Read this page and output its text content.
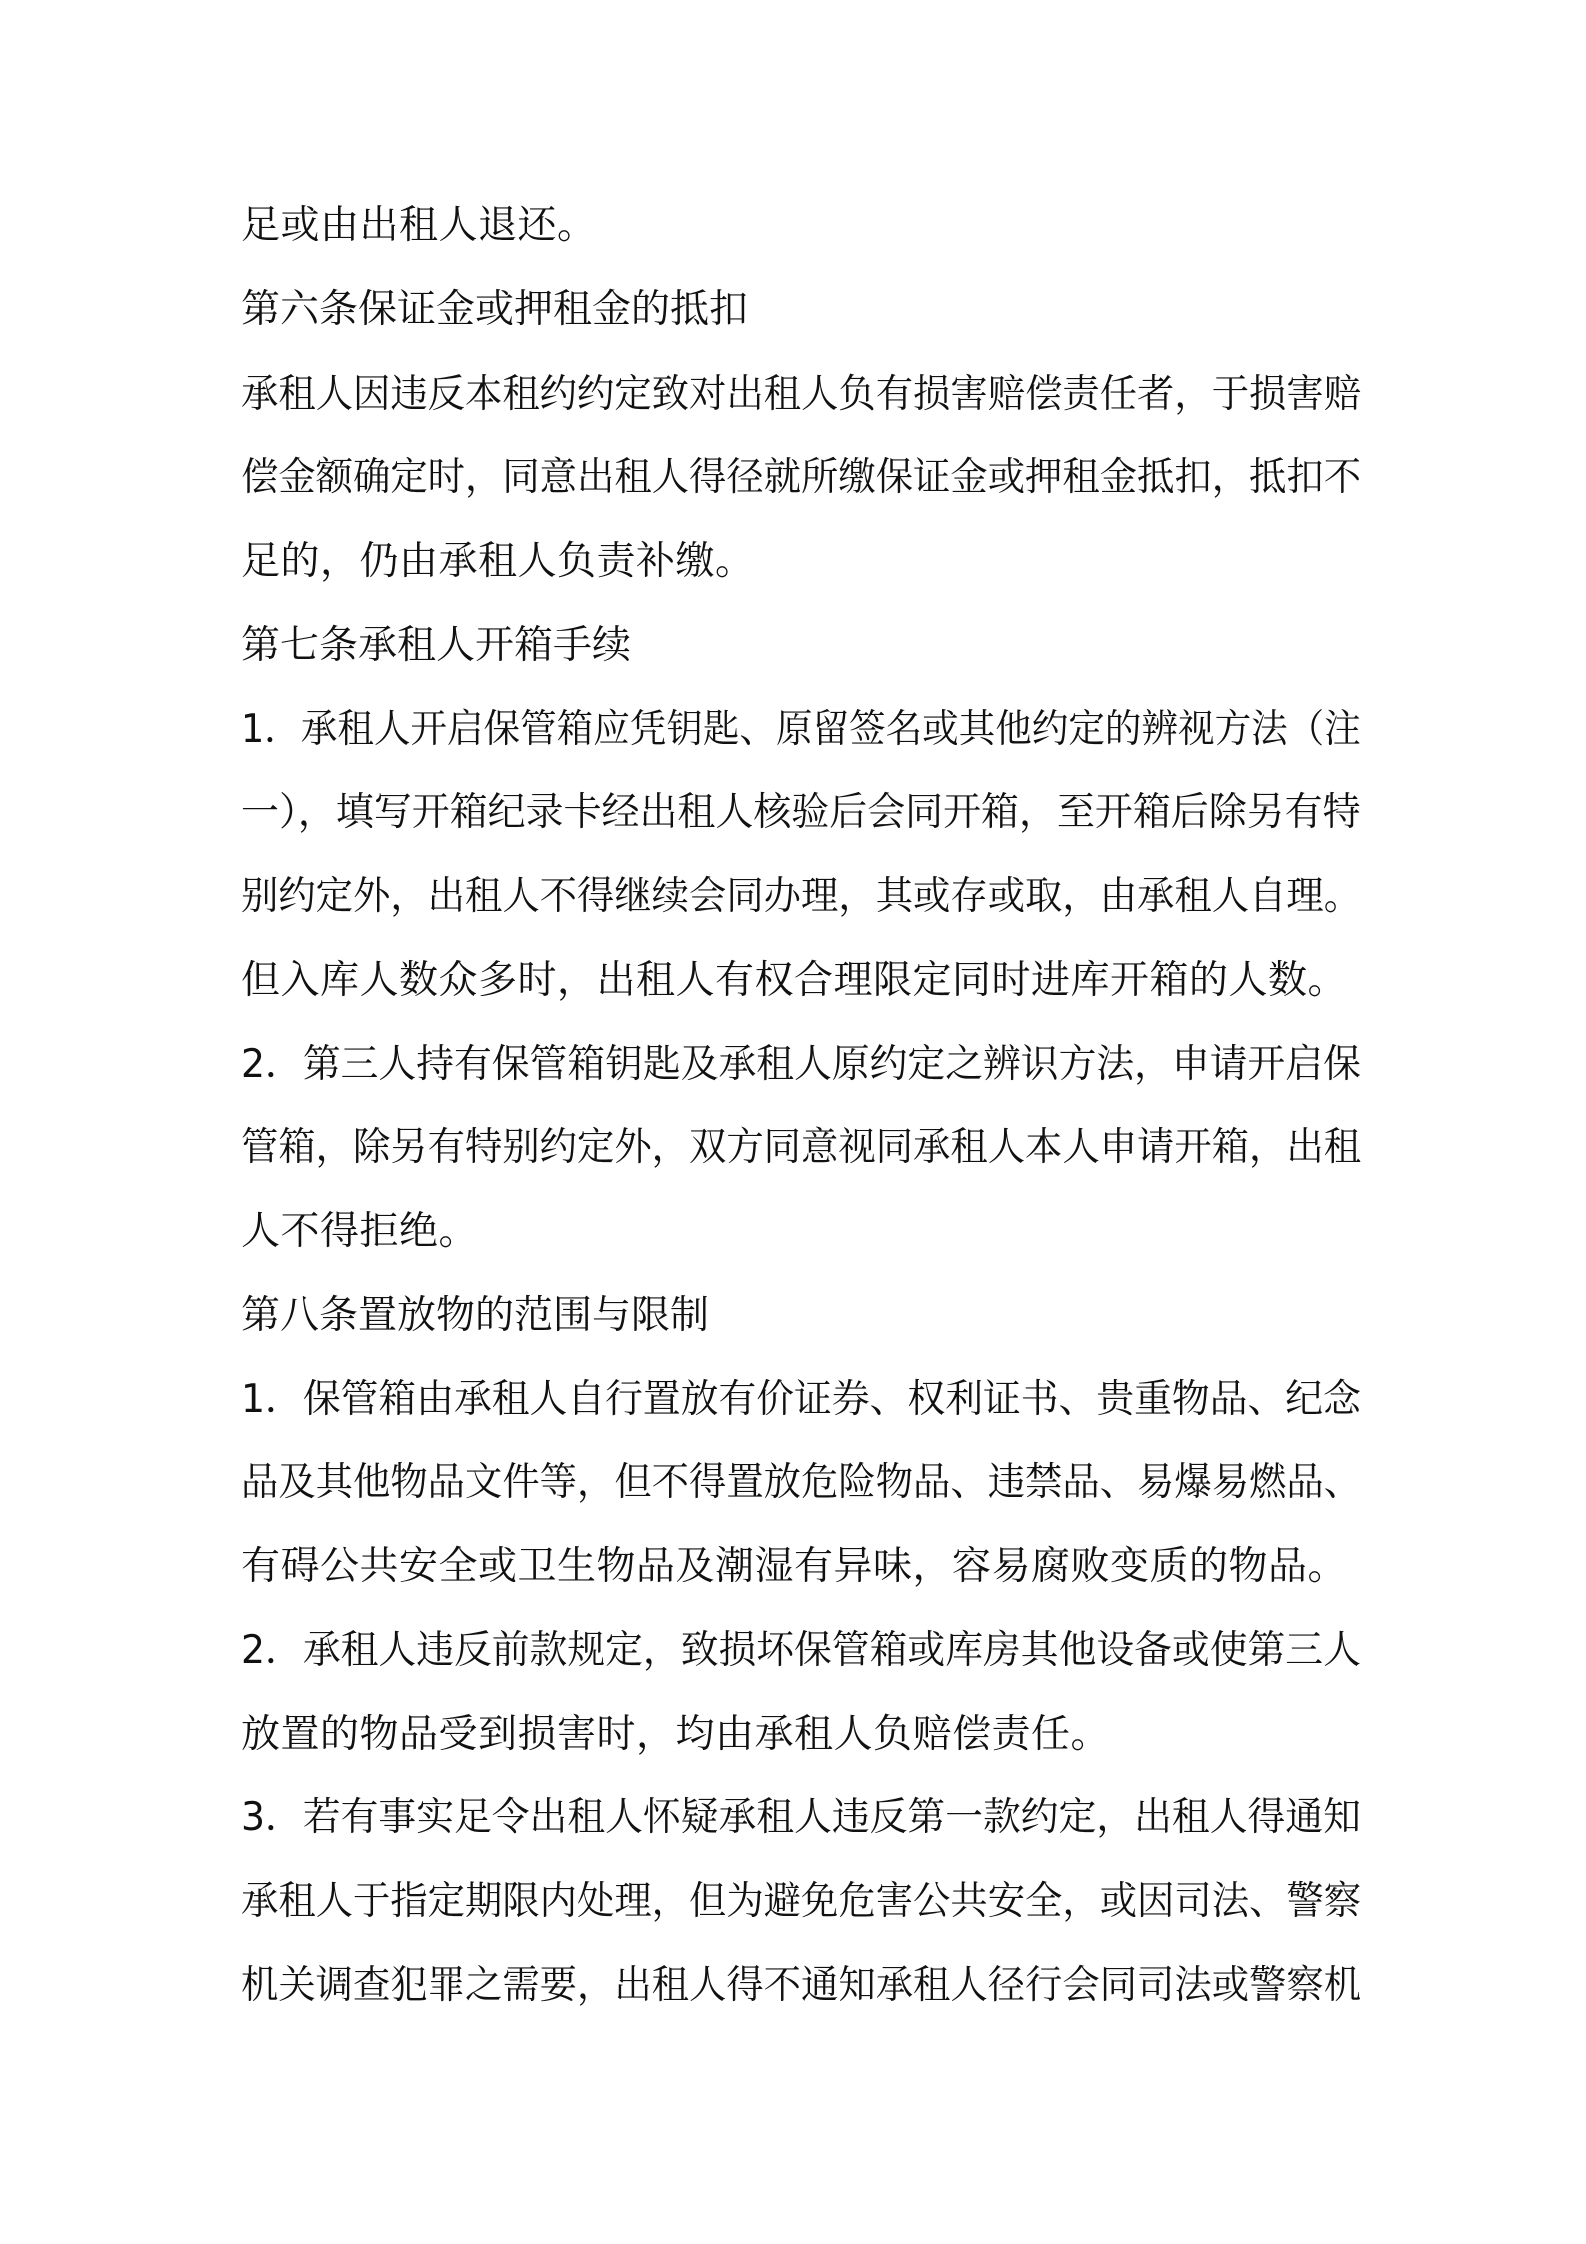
足或由出租人退还。
第六条保证金或押租金的抵扣
承租人因违反本租约约定致对出租人负有损害赔偿责任者，于损害赔
偿金额确定时，同意出租人得径就所缴保证金或押租金抵扣，抵扣不
足的，仍由承租人负责补缴。
第七条承租人开箱手续
1．承租人开启保管箱应凭钥匙、原留签名或其他约定的辨视方法（注
一），填写开箱纪录卡经出租人核验后会同开箱，至开箱后除另有特
别约定外，出租人不得继续会同办理，其或存或取，由承租人自理。
但入库人数众多时，出租人有权合理限定同时进库开箱的人数。
2．第三人持有保管箱钥匙及承租人原约定之辨识方法，申请开启保
管箱，除另有特别约定外，双方同意视同承租人本人申请开箱，出租
人不得拒绝。
第八条置放物的范围与限制
1．保管箱由承租人自行置放有价证券、权利证书、贵重物品、纪念
品及其他物品文件等，但不得置放危险物品、违禁品、易爆易燃品、
有碍公共安全或卫生物品及潮湿有异味，容易腐败变质的物品。
2．承租人违反前款规定，致损坏保管箱或库房其他设备或使第三人
放置的物品受到损害时，均由承租人负赔偿责任。
3．若有事实足令出租人怀疑承租人违反第一款约定，出租人得通知
承租人于指定期限内处理，但为避免危害公共安全，或因司法、警察
机关调查犯罪之需要，出租人得不通知承租人径行会同司法或警察机
